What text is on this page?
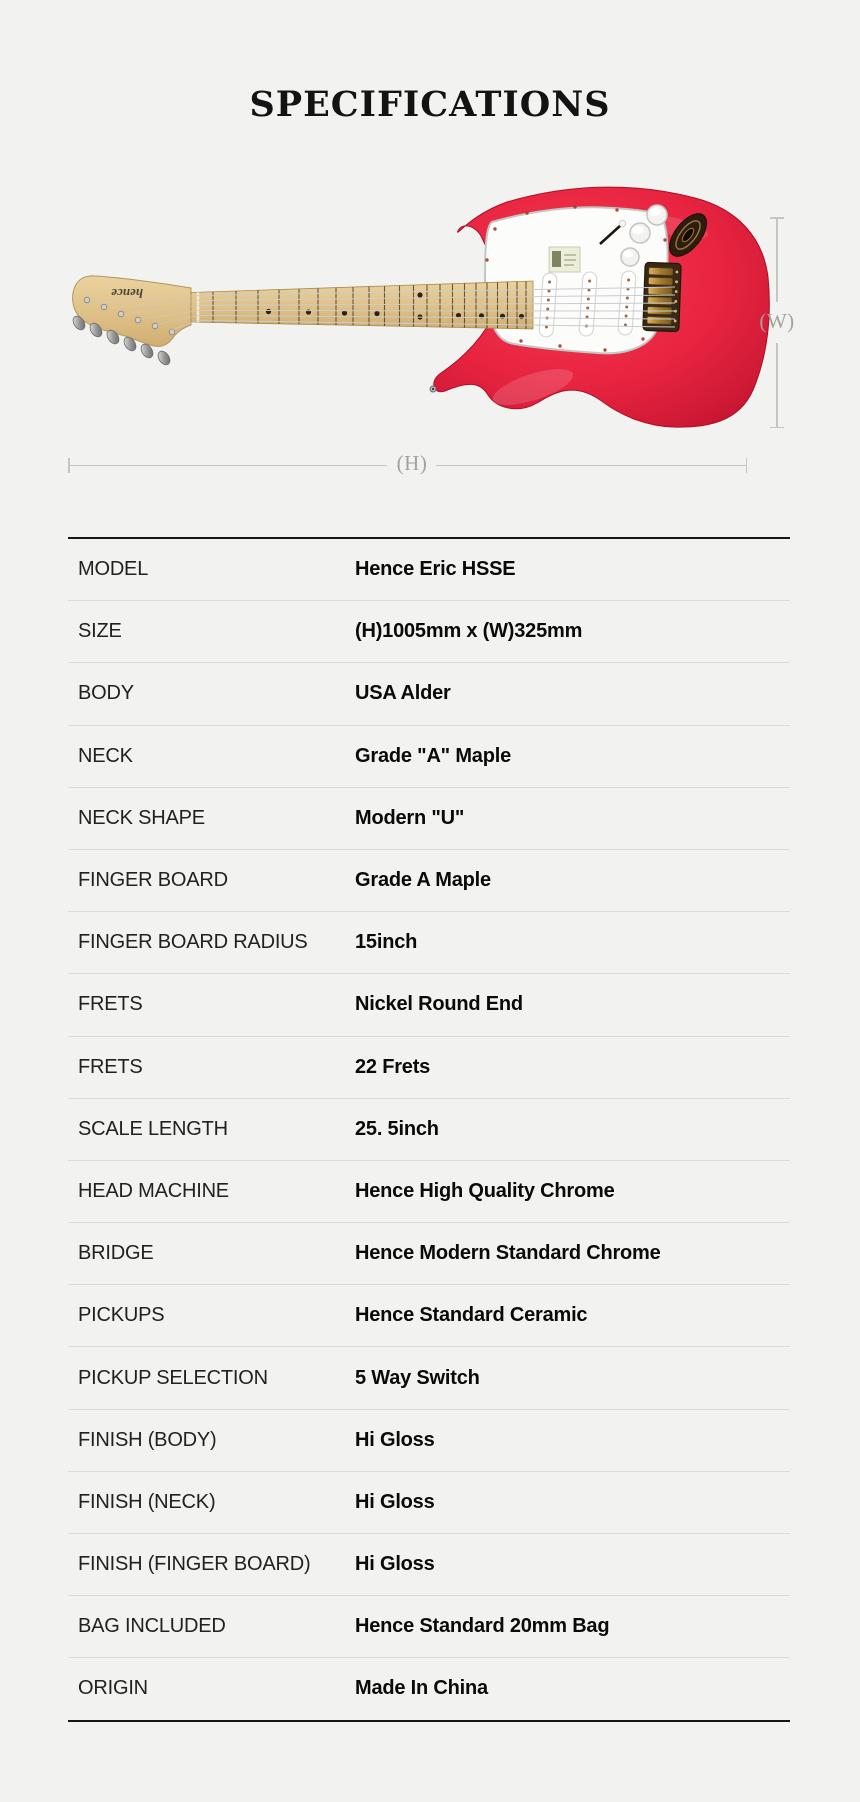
SPECIFICATIONS
hence
(W)
(H)
MODEL	Hence Eric HSSE
SIZE	(H)1005mm x (W)325mm
BODY	USA Alder
NECK	Grade "A" Maple
NECK SHAPE	Modern "U"
FINGER BOARD	Grade A Maple
FINGER BOARD RADIUS 15inch
FRETS	Nickel Round End
FRETS	22 Frets
SCALE LENGTH	25. 5inch
HEAD MACHINE	Hence High Quality Chrome
BRIDGE	Hence Modern Standard Chrome
PICKUPS	Hence Standard Ceramic
PICKUP SELECTION	5 Way Switch
FINISH (BODY)	Hi Gloss
FINISH (NECK)	Hi Gloss
FINISH (FINGER BOARD) Hi Gloss
BAG INCLUDED	Hence Standard 20mm Bag
ORIGIN	Made In China
